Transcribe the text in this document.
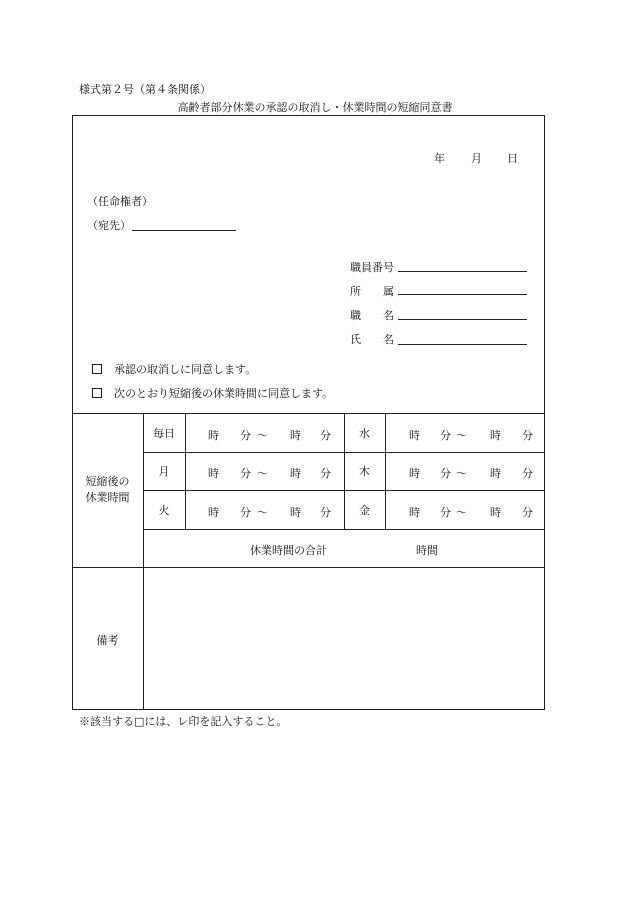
様式第２号（第４条関係）
高齢者部分休業の承認の取消し・休業時間の短縮同意書
年 月 日
（任命権者）
（宛先）
職員番号
所　　属
職　　名
氏　　名
承認の取消しに同意します。
次のとおり短縮後の休業時間に同意します。
短縮後の
休業時間
毎日
月
火
水
木
金
時 分 ～ 時 分
時 分 ～ 時 分
時 分 ～ 時 分
時 分 ～ 時 分
時 分 ～ 時 分
時 分 ～ 時 分
休業時間の合計	時間
備考
※該当する□には、レ印を記入すること。
